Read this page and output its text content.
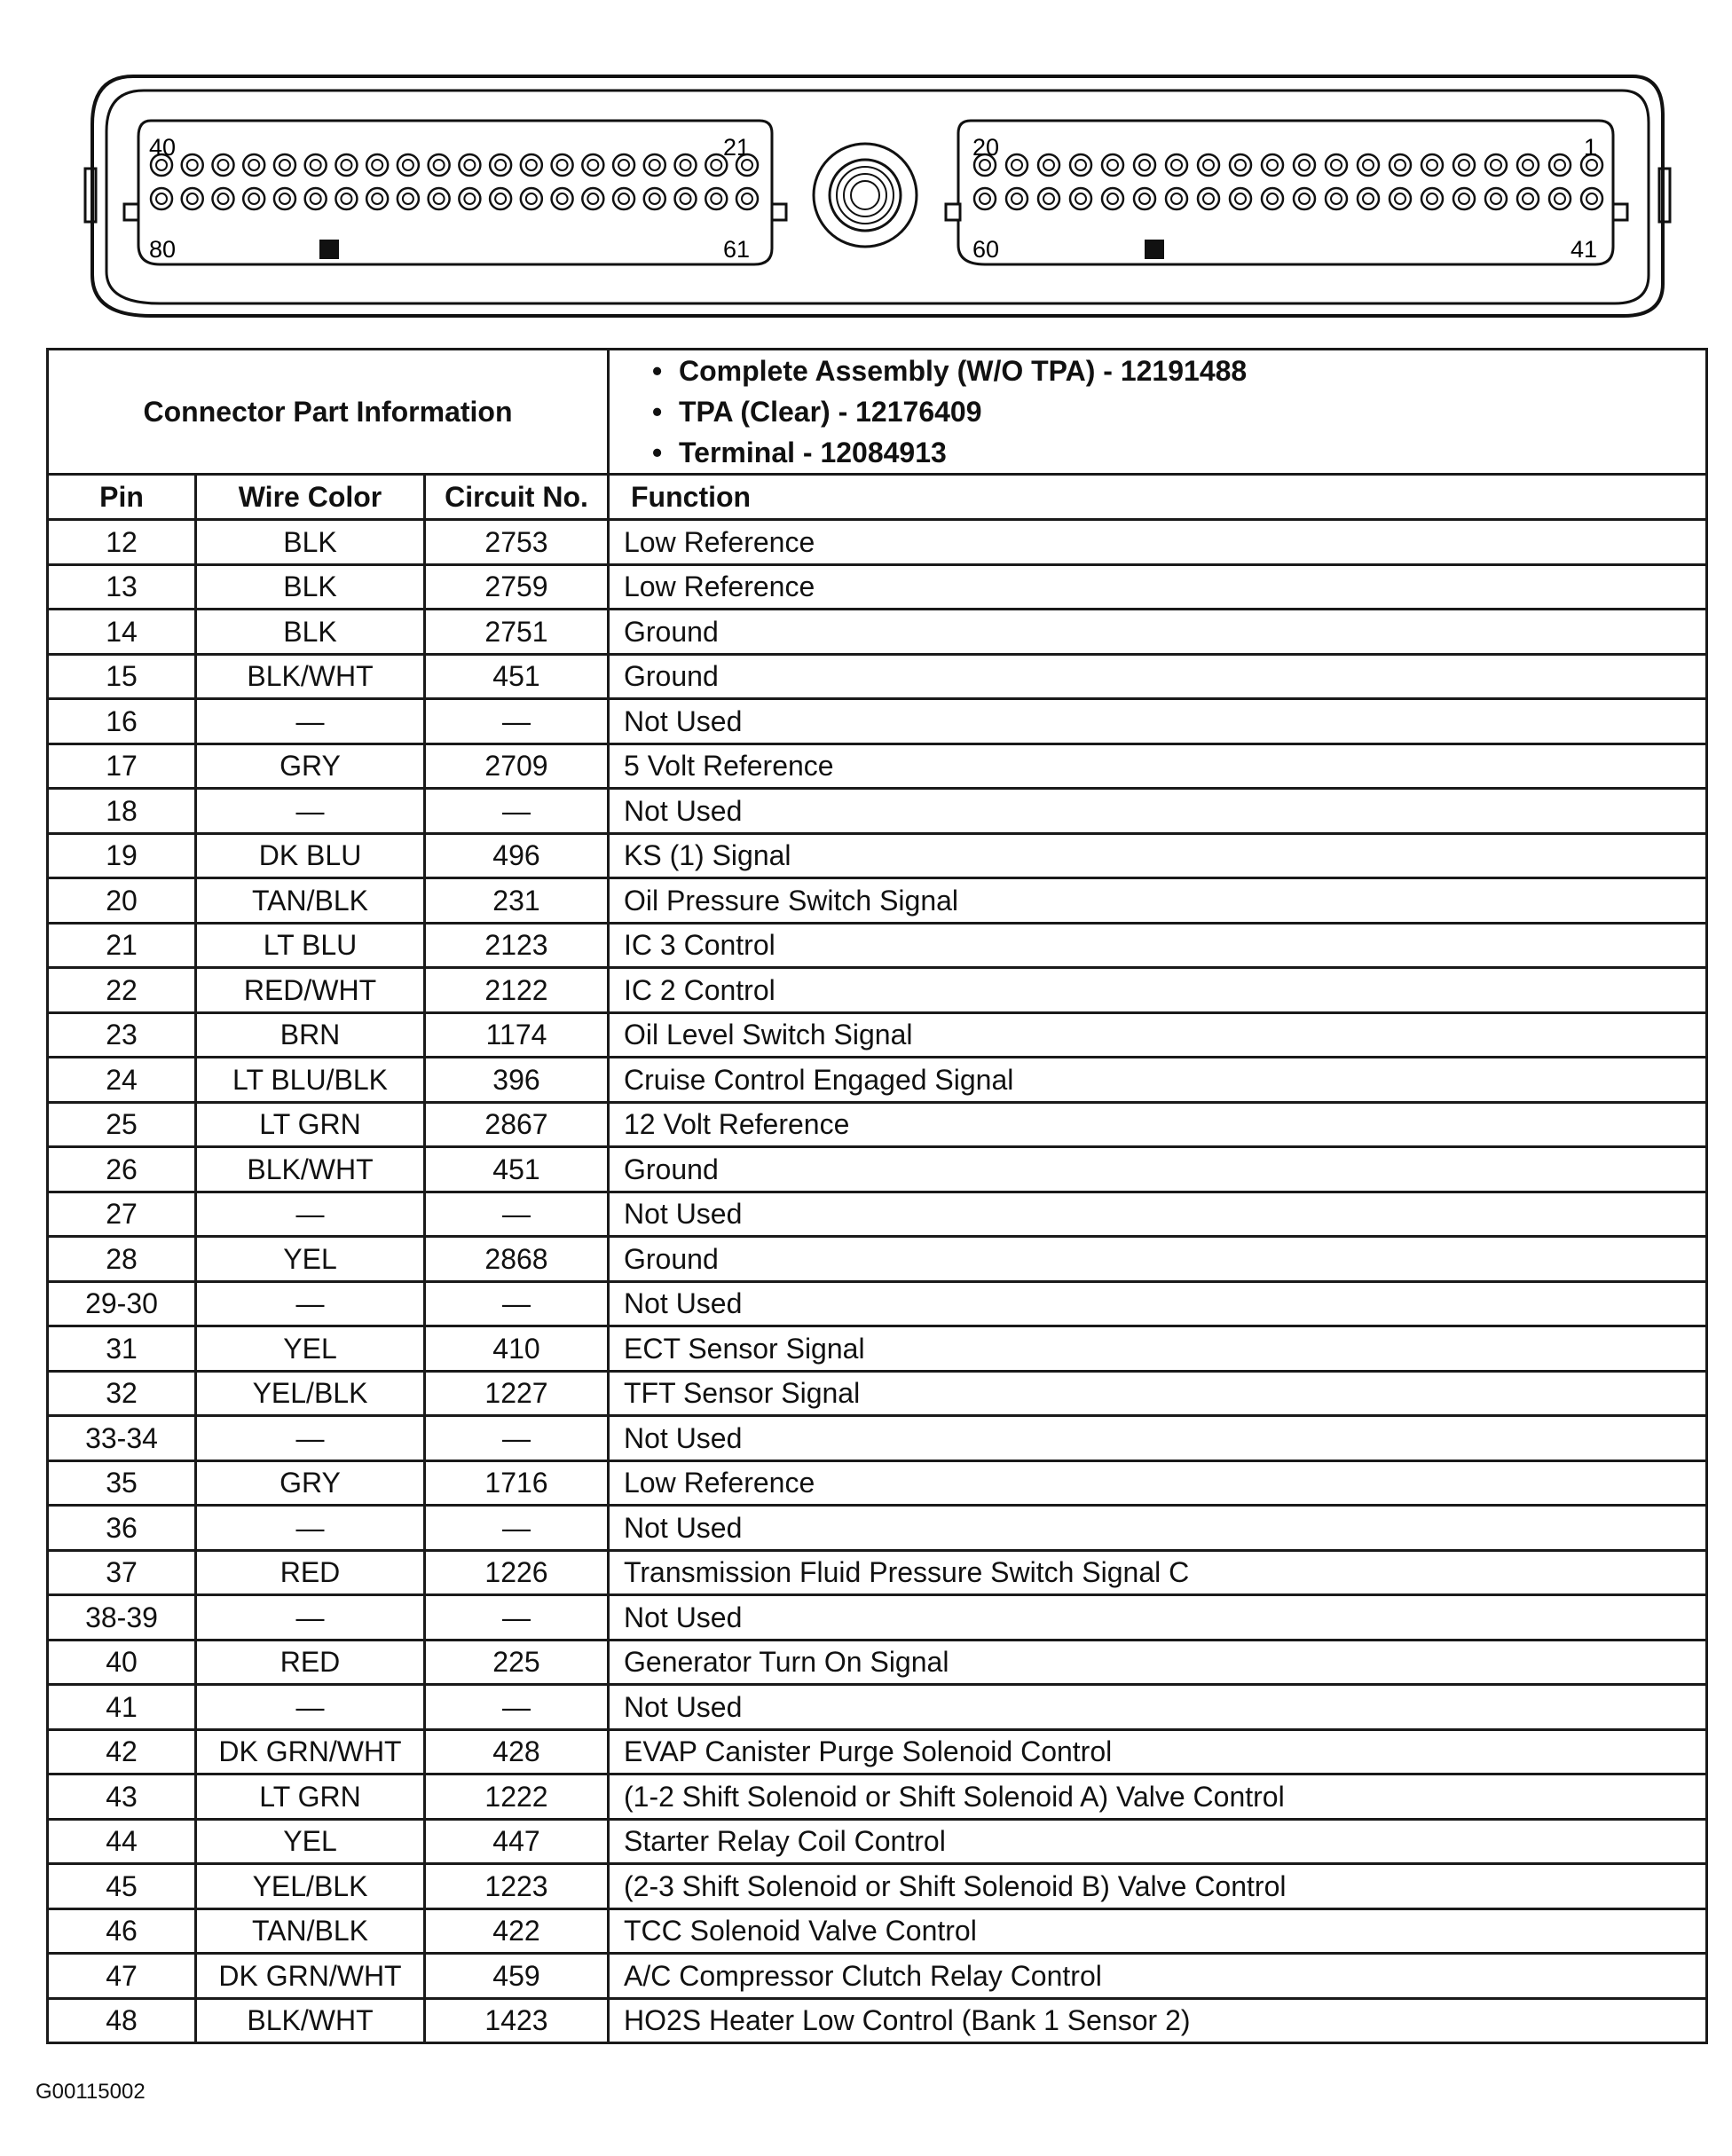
40	21
80	61
20	1
60	41
Connector Part Information			• Complete Assembly (W/O TPA) - 12191488
• TPA (Clear) - 12176409
• Terminal - 12084913

Pin	Wire Color	Circuit No.	Function
12	BLK	2753	Low Reference
13	BLK	2759	Low Reference
14	BLK	2751	Ground
15	BLK/WHT	451	Ground
16	—	—	Not Used
17	GRY	2709	5 Volt Reference
18	—	—	Not Used
19	DK BLU	496	KS (1) Signal
20	TAN/BLK	231	Oil Pressure Switch Signal
21	LT BLU	2123	IC 3 Control
22	RED/WHT	2122	IC 2 Control
23	BRN	1174	Oil Level Switch Signal
24	LT BLU/BLK	396	Cruise Control Engaged Signal
25	LT GRN	2867	12 Volt Reference
26	BLK/WHT	451	Ground
27	—	—	Not Used
28	YEL	2868	Ground
29-30	—	—	Not Used
31	YEL	410	ECT Sensor Signal
32	YEL/BLK	1227	TFT Sensor Signal
33-34	—	—	Not Used
35	GRY	1716	Low Reference
36	—	—	Not Used
37	RED	1226	Transmission Fluid Pressure Switch Signal C
38-39	—	—	Not Used
40	RED	225	Generator Turn On Signal
41	—	—	Not Used
42	DK GRN/WHT	428	EVAP Canister Purge Solenoid Control
43	LT GRN	1222	(1-2 Shift Solenoid or Shift Solenoid A) Valve Control
44	YEL	447	Starter Relay Coil Control
45	YEL/BLK	1223	(2-3 Shift Solenoid or Shift Solenoid B) Valve Control
46	TAN/BLK	422	TCC Solenoid Valve Control
47	DK GRN/WHT	459	A/C Compressor Clutch Relay Control
48	BLK/WHT	1423	HO2S Heater Low Control (Bank 1 Sensor 2)
G00115002
